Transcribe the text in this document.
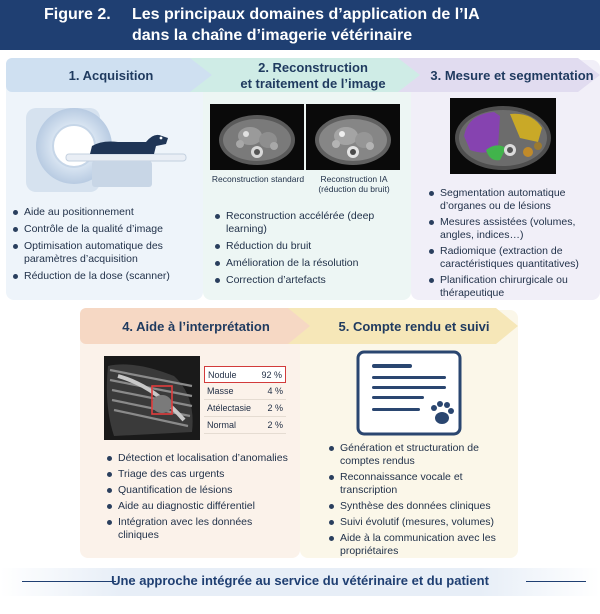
Figure 2. Les principaux domaines d’application de l’IA
dans la chaîne d’imagerie vétérinaire
1. Acquisition
2. Reconstruction
et traitement de l’image
3. Mesure et segmentation
4. Aide à l’interprétation	5. Compte rendu et suivi
Aide au positionnement
Contrôle de la qualité d’image
Optimisation automatique des paramètres d’acquisition
Réduction de la dose (scanner)
Reconstruction standard	Reconstruction IA
(réduction du bruit)
Reconstruction accélérée (deep learning)
Réduction du bruit
Amélioration de la résolution
Correction d’artefacts
Segmentation automatique d’organes ou de lésions
Mesures assistées (volumes, angles, indices…)
Radiomique (extraction de caractéristiques quantitatives)
Planification chirurgicale ou thérapeutique
Nodule	92 %
Masse	4 %
Atélectasie 2 %
Normal	2 %
Détection et localisation d’anomalies
Triage des cas urgents
Quantification de lésions
Aide au diagnostic différentiel
Intégration avec les données cliniques
Génération et structuration de comptes rendus
Reconnaissance vocale et transcription
Synthèse des données cliniques
Suivi évolutif (mesures, volumes)
Aide à la communication avec les propriétaires
Une approche intégrée au service du vétérinaire et du patient
